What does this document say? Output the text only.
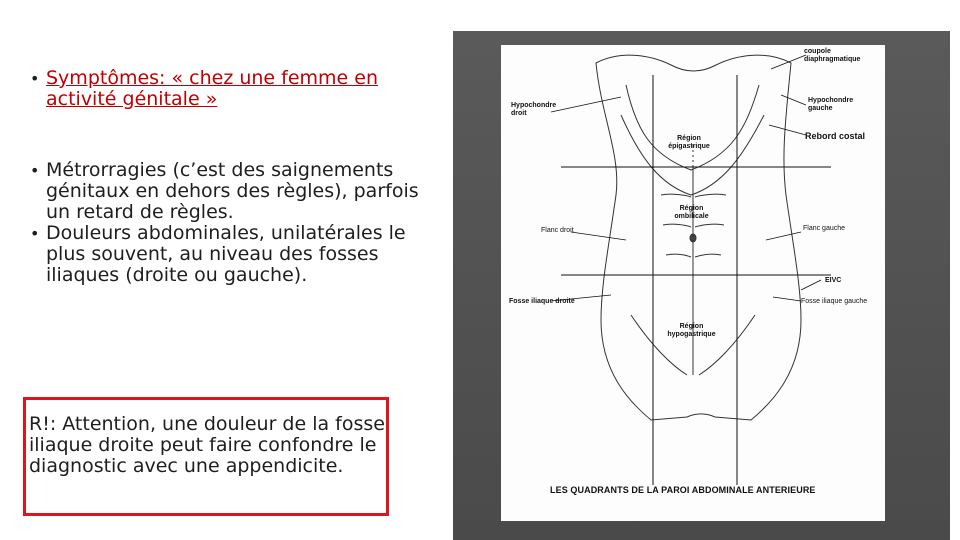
• Symptômes: « chez une femme en activité génitale »
• Métrorragies (c’est des saignements génitaux en dehors des règles), parfois un retard de règles.
• Douleurs abdominales, unilatérales le plus souvent, au niveau des fosses iliaques (droite ou gauche).
R!: Attention, une douleur de la fosse iliaque droite peut faire confondre le diagnostic avec une appendicite.
coupole diaphragmatique
Hypochondre droit
Hypochondre gauche
Rebord costal
Région épigastrique
Région ombilicale
Flanc droit	Flanc gauche
EIVC
Fosse iliaque droite	Fosse iliaque gauche
Région hypogastrique
LES QUADRANTS DE LA PAROI ABDOMINALE ANTERIEURE
